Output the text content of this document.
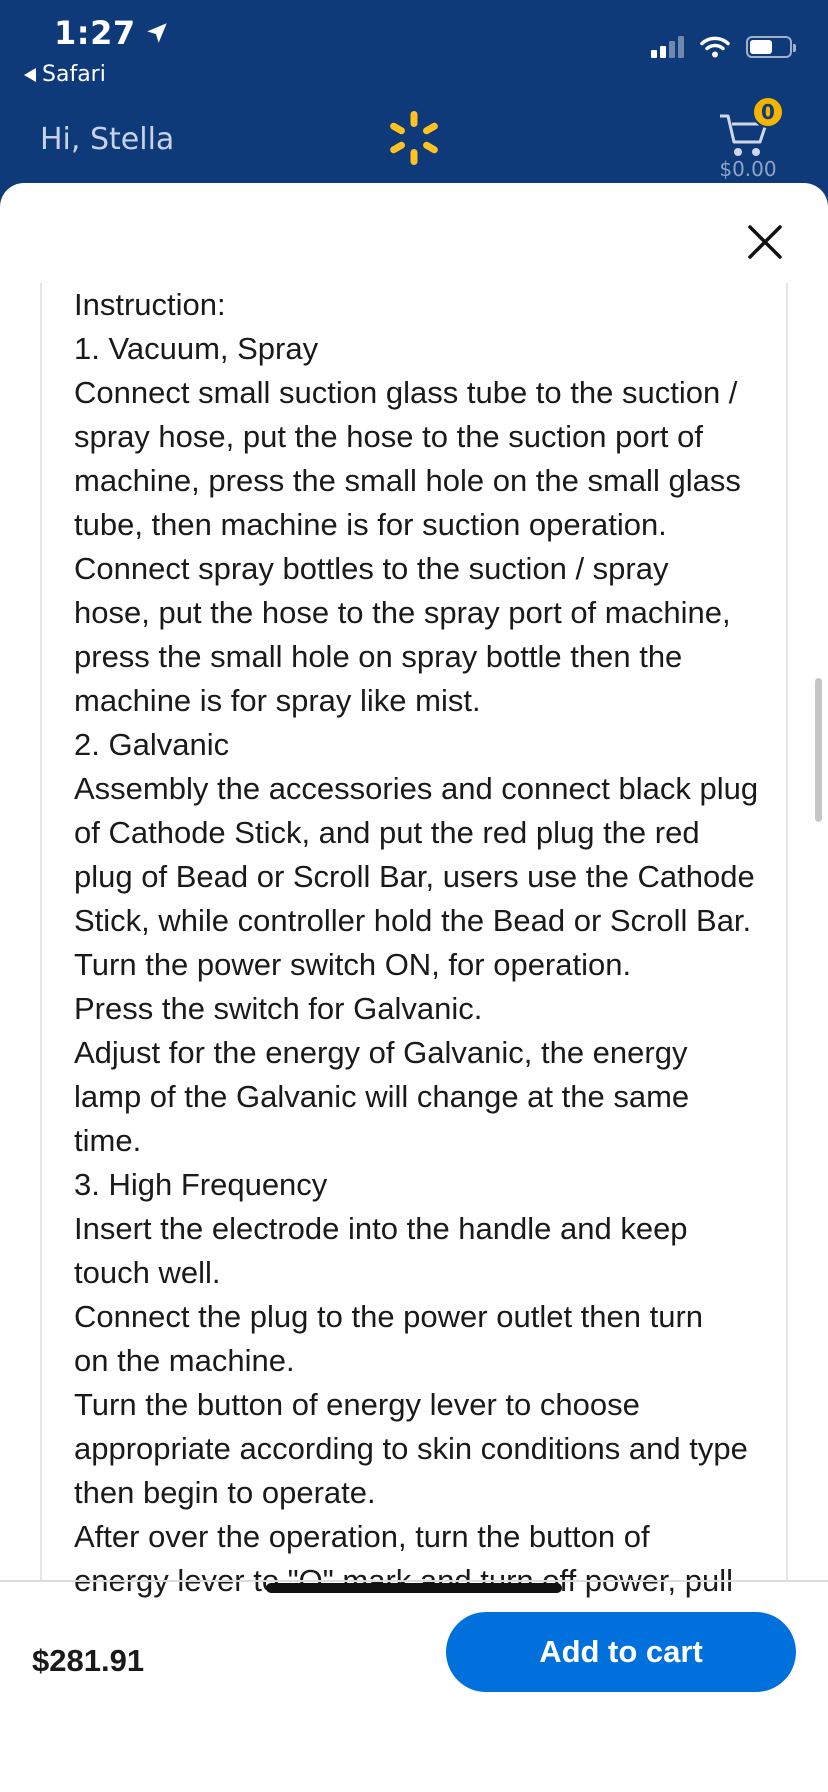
1:27
Safari
Hi, Stella
0
$0.00
Instruction:
1. Vacuum, Spray
Connect small suction glass tube to the suction /
spray hose, put the hose to the suction port of
machine, press the small hole on the small glass
tube, then machine is for suction operation.
Connect spray bottles to the suction / spray
hose, put the hose to the spray port of machine,
press the small hole on spray bottle then the
machine is for spray like mist.
2. Galvanic
Assembly the accessories and connect black plug
of Cathode Stick, and put the red plug the red
plug of Bead or Scroll Bar, users use the Cathode
Stick, while controller hold the Bead or Scroll Bar.
Turn the power switch ON, for operation.
Press the switch for Galvanic.
Adjust for the energy of Galvanic, the energy
lamp of the Galvanic will change at the same
time.
3. High Frequency
Insert the electrode into the handle and keep
touch well.
Connect the plug to the power outlet then turn
on the machine.
Turn the button of energy lever to choose
appropriate according to skin conditions and type
then begin to operate.
After over the operation, turn the button of
$281.91	Add to cart
